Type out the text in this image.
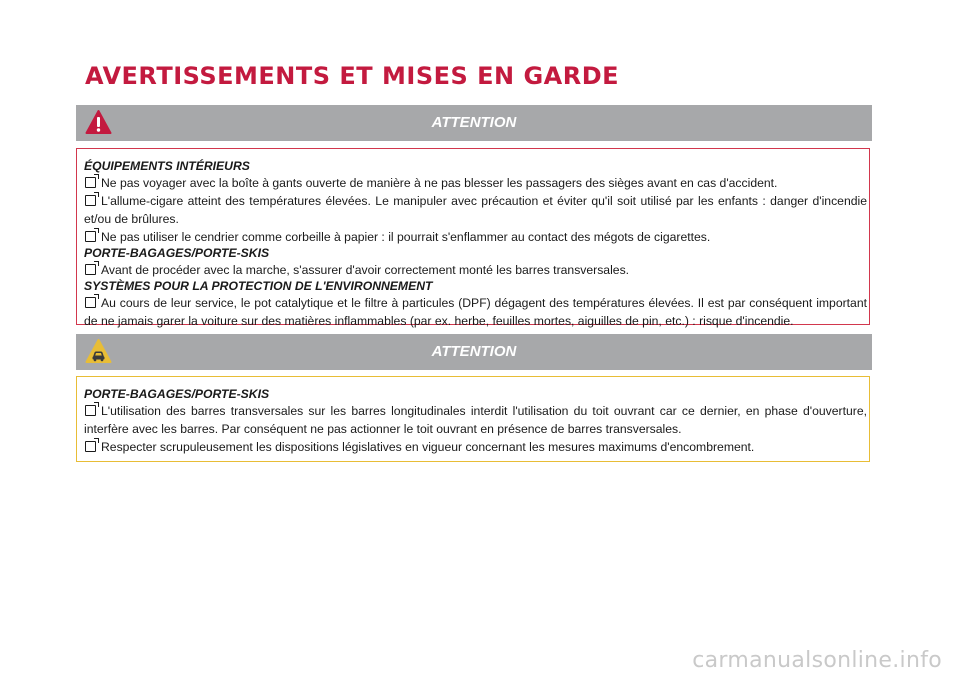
AVERTISSEMENTS ET MISES EN GARDE
ATTENTION

ÉQUIPEMENTS INTÉRIEURS

Ne pas voyager avec la boîte à gants ouverte de manière à ne pas blesser les passagers des sièges avant en cas d'accident.

L'allume-cigare atteint des températures élevées. Le manipuler avec précaution et éviter qu'il soit utilisé par les enfants : danger d'incendie et/ou de brûlures.

Ne pas utiliser le cendrier comme corbeille à papier : il pourrait s'enflammer au contact des mégots de cigarettes.

PORTE-BAGAGES/PORTE-SKIS

Avant de procéder avec la marche, s'assurer d'avoir correctement monté les barres transversales.

SYSTÈMES POUR LA PROTECTION DE L'ENVIRONNEMENT

Au cours de leur service, le pot catalytique et le filtre à particules (DPF) dégagent des températures élevées. Il est par conséquent important de ne jamais garer la voiture sur des matières inflammables (par ex. herbe, feuilles mortes, aiguilles de pin, etc.) : risque d'incendie.

ATTENTION

PORTE-BAGAGES/PORTE-SKIS

L'utilisation des barres transversales sur les barres longitudinales interdit l'utilisation du toit ouvrant car ce dernier, en phase d'ouverture, interfère avec les barres. Par conséquent ne pas actionner le toit ouvrant en présence de barres transversales.

Respecter scrupuleusement les dispositions législatives en vigueur concernant les mesures maximums d'encombrement.

carmanualsonline.info
